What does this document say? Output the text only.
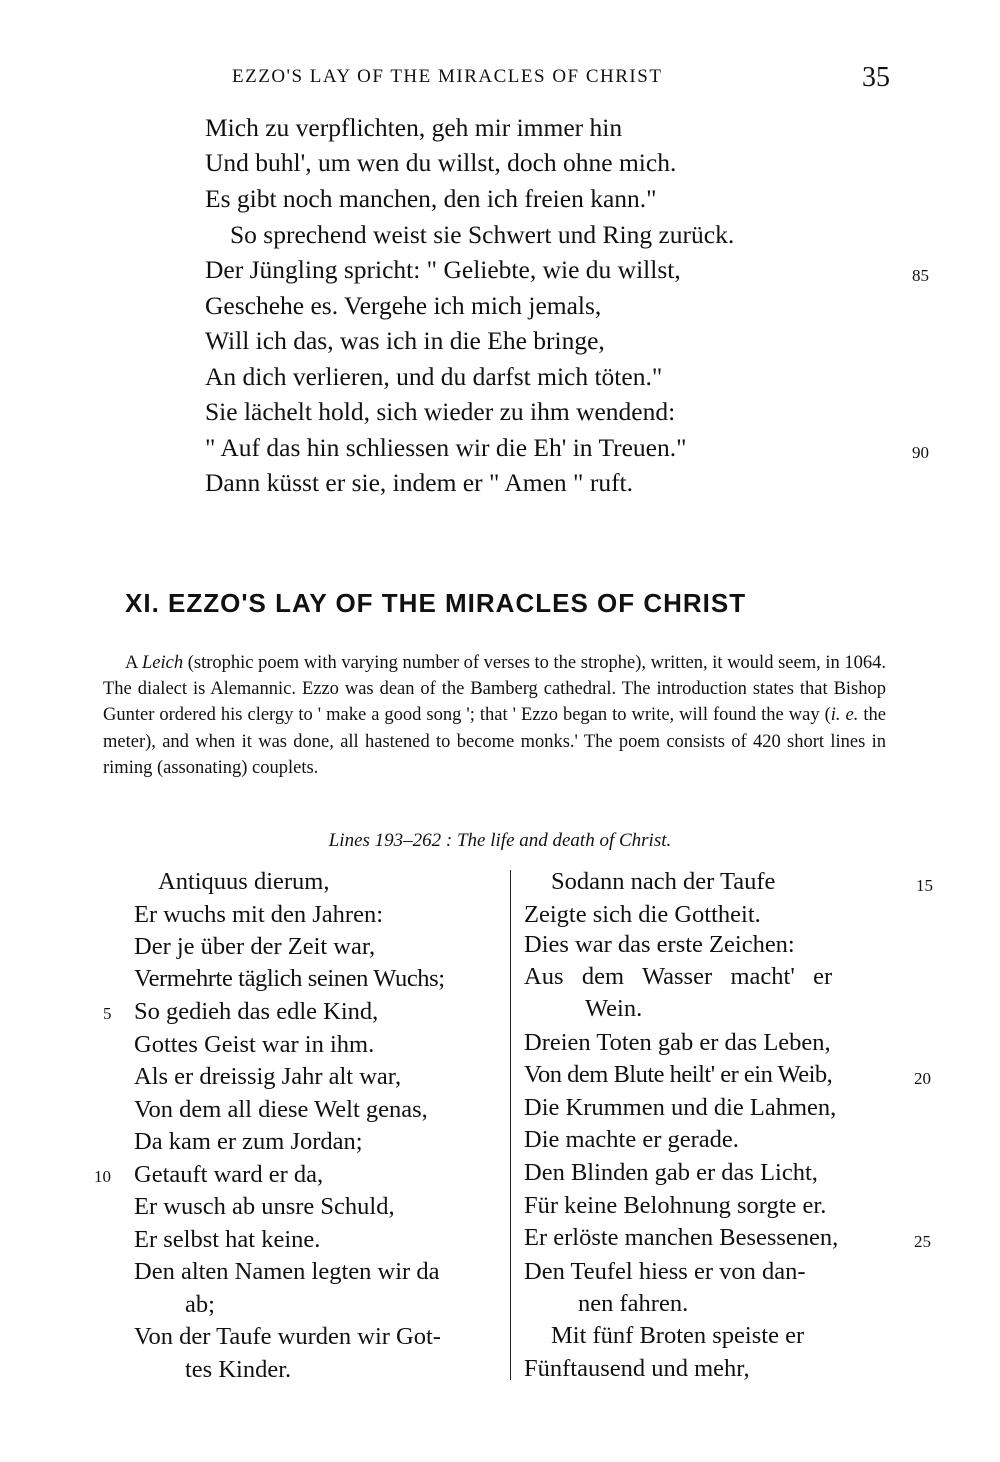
EZZO'S LAY OF THE MIRACLES OF CHRIST	35
Mich zu verpflichten, geh mir immer hin
Und buhl', um wen du willst, doch ohne mich.
Es gibt noch manchen, den ich freien kann."
So sprechend weist sie Schwert und Ring zurück.
Der Jüngling spricht: " Geliebte, wie du willst,
Geschehe es. Vergehe ich mich jemals,
Will ich das, was ich in die Ehe bringe,
An dich verlieren, und du darfst mich töten."
Sie lächelt hold, sich wieder zu ihm wendend:
" Auf das hin schliessen wir die Eh' in Treuen."
Dann küsst er sie, indem er " Amen " ruft.
85
90
XI. EZZO'S LAY OF THE MIRACLES OF CHRIST

A Leich (strophic poem with varying number of verses to the strophe), written, it would seem, in 1064. The dialect is Alemannic. Ezzo was dean of the Bamberg cathedral. The introduction states that Bishop Gunter ordered his clergy to ' make a good song '; that ' Ezzo began to write, will found the way (i. e. the meter), and when it was done, all hastened to become monks.' The poem consists of 420 short lines in riming (assonating) couplets.

Lines 193–262 : The life and death of Christ.
Antiquus dierum,
Er wuchs mit den Jahren:
Der je über der Zeit war,
Vermehrte täglich seinen Wuchs;
So gedieh das edle Kind,
Gottes Geist war in ihm.
Als er dreissig Jahr alt war,
Von dem all diese Welt genas,
Da kam er zum Jordan;
Getauft ward er da,
Er wusch ab unsre Schuld,
Er selbst hat keine.
Den alten Namen legten wir da
ab;
Von der Taufe wurden wir Got-
tes Kinder.
5
10
Sodann nach der Taufe
Zeigte sich die Gottheit.
Dies war das erste Zeichen:
Aus   dem   Wasser   macht'   er
Wein.
Dreien Toten gab er das Leben,
Von dem Blute heilt' er ein Weib,
Die Krummen und die Lahmen,
Die machte er gerade.
Den Blinden gab er das Licht,
Für keine Belohnung sorgte er.
Er erlöste manchen Besessenen,
Den Teufel hiess er von dan-
nen fahren.
Mit fünf Broten speiste er
Fünftausend und mehr,
15
20
25
